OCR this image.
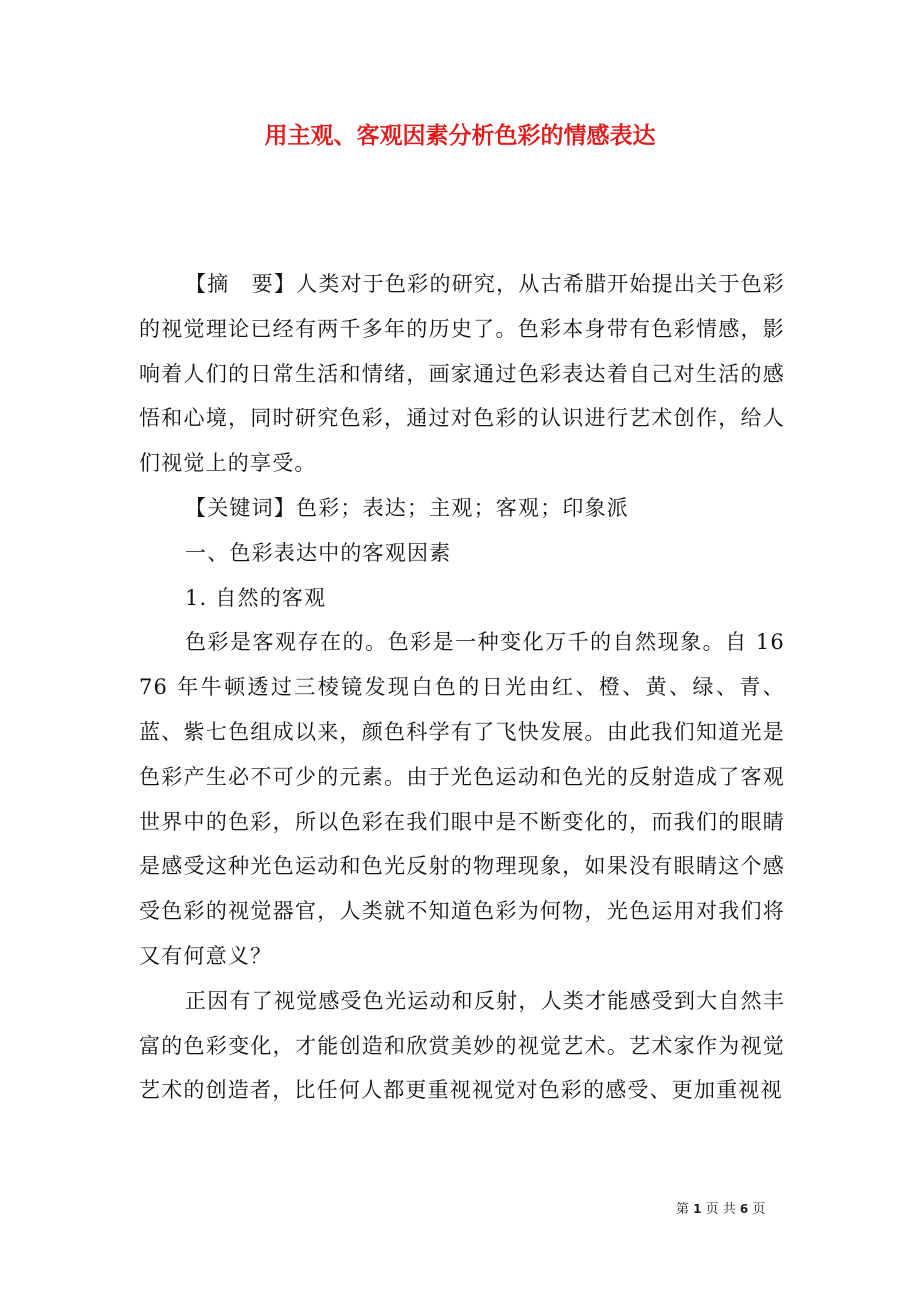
用主观、客观因素分析色彩的情感表达

【摘　要】人类对于色彩的研究，从古希腊开始提出关于色彩的视觉理论已经有两千多年的历史了。色彩本身带有色彩情感，影响着人们的日常生活和情绪，画家通过色彩表达着自己对生活的感悟和心境，同时研究色彩，通过对色彩的认识进行艺术创作，给人们视觉上的享受。

【关键词】色彩；表达；主观；客观；印象派

一、色彩表达中的客观因素

1. 自然的客观

色彩是客观存在的。色彩是一种变化万千的自然现象。自 1676 年牛顿透过三棱镜发现白色的日光由红、橙、黄、绿、青、蓝、紫七色组成以来，颜色科学有了飞快发展。由此我们知道光是色彩产生必不可少的元素。由于光色运动和色光的反射造成了客观世界中的色彩，所以色彩在我们眼中是不断变化的，而我们的眼睛是感受这种光色运动和色光反射的物理现象，如果没有眼睛这个感受色彩的视觉器官，人类就不知道色彩为何物，光色运用对我们将又有何意义？

正因有了视觉感受色光运动和反射，人类才能感受到大自然丰富的色彩变化，才能创造和欣赏美妙的视觉艺术。艺术家作为视觉艺术的创造者，比任何人都更重视视觉对色彩的感受、更加重视视

第 1 页 共 6 页
